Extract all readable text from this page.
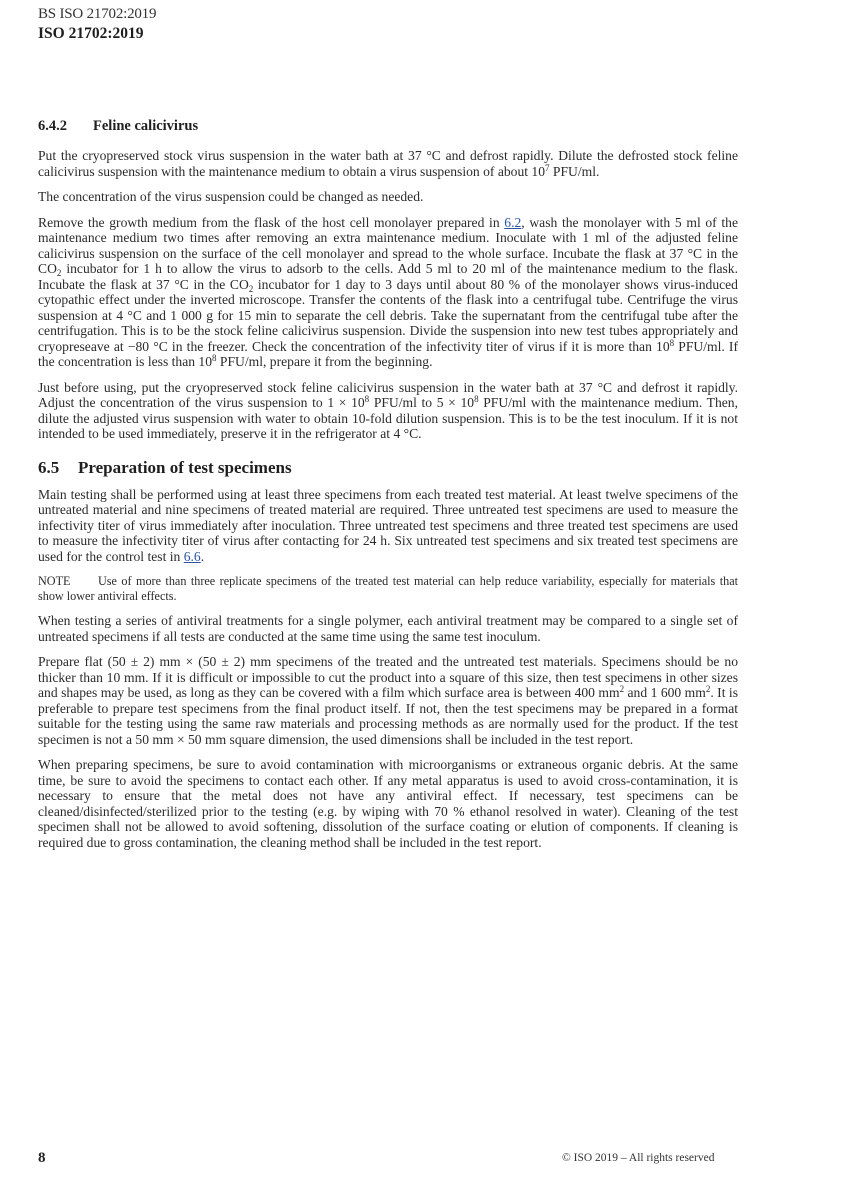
BS ISO 21702:2019
ISO 21702:2019
6.4.2 Feline calicivirus

Put the cryopreserved stock virus suspension in the water bath at 37 °C and defrost rapidly. Dilute the defrosted stock feline calicivirus suspension with the maintenance medium to obtain a virus suspension of about $10^7$ PFU/ml.

The concentration of the virus suspension could be changed as needed.

Remove the growth medium from the flask of the host cell monolayer prepared in 6.2, wash the monolayer with 5 ml of the maintenance medium two times after removing an extra maintenance medium. Inoculate with 1 ml of the adjusted feline calicivirus suspension on the surface of the cell monolayer and spread to the whole surface. Incubate the flask at 37 °C in the $CO_2$ incubator for 1 h to allow the virus to adsorb to the cells. Add 5 ml to 20 ml of the maintenance medium to the flask. Incubate the flask at 37 °C in the $CO_2$ incubator for 1 day to 3 days until about 80 % of the monolayer shows virus-induced cytopathic effect under the inverted microscope. Transfer the contents of the flask into a centrifugal tube. Centrifuge the virus suspension at 4 °C and 1 000 g for 15 min to separate the cell debris. Take the supernatant from the centrifugal tube after the centrifugation. This is to be the stock feline calicivirus suspension. Divide the suspension into new test tubes appropriately and cryopreseave at −80 °C in the freezer. Check the concentration of the infectivity titer of virus if it is more than $10^8$ PFU/ml. If the concentration is less than $10^8$ PFU/ml, prepare it from the beginning.

Just before using, put the cryopreserved stock feline calicivirus suspension in the water bath at 37 °C and defrost it rapidly. Adjust the concentration of the virus suspension to $1 \times 10^8$ PFU/ml to $5 \times 10^8$ PFU/ml with the maintenance medium. Then, dilute the adjusted virus suspension with water to obtain 10-fold dilution suspension. This is to be the test inoculum. If it is not intended to be used immediately, preserve it in the refrigerator at 4 °C.

6.5 Preparation of test specimens

Main testing shall be performed using at least three specimens from each treated test material. At least twelve specimens of the untreated material and nine specimens of treated material are required. Three untreated test specimens are used to measure the infectivity titer of virus immediately after inoculation. Three untreated test specimens and three treated test specimens are used to measure the infectivity titer of virus after contacting for 24 h. Six untreated test specimens and six treated test specimens are used for the control test in 6.6.

NOTE Use of more than three replicate specimens of the treated test material can help reduce variability, especially for materials that show lower antiviral effects.

When testing a series of antiviral treatments for a single polymer, each antiviral treatment may be compared to a single set of untreated specimens if all tests are conducted at the same time using the same test inoculum.

Prepare flat (50 ± 2) mm × (50 ± 2) mm specimens of the treated and the untreated test materials. Specimens should be no thicker than 10 mm. If it is difficult or impossible to cut the product into a square of this size, then test specimens in other sizes and shapes may be used, as long as they can be covered with a film which surface area is between 400 $mm^2$ and 1 600 $mm^2$. It is preferable to prepare test specimens from the final product itself. If not, then the test specimens may be prepared in a format suitable for the testing using the same raw materials and processing methods as are normally used for the product. If the test specimen is not a 50 mm × 50 mm square dimension, the used dimensions shall be included in the test report.

When preparing specimens, be sure to avoid contamination with microorganisms or extraneous organic debris. At the same time, be sure to avoid the specimens to contact each other. If any metal apparatus is used to avoid cross-contamination, it is necessary to ensure that the metal does not have any antiviral effect. If necessary, test specimens can be cleaned/disinfected/sterilized prior to the testing (e.g. by wiping with 70 % ethanol resolved in water). Cleaning of the test specimen shall not be allowed to avoid softening, dissolution of the surface coating or elution of components. If cleaning is required due to gross contamination, the cleaning method shall be included in the test report.

8	© ISO 2019 – All rights reserved
